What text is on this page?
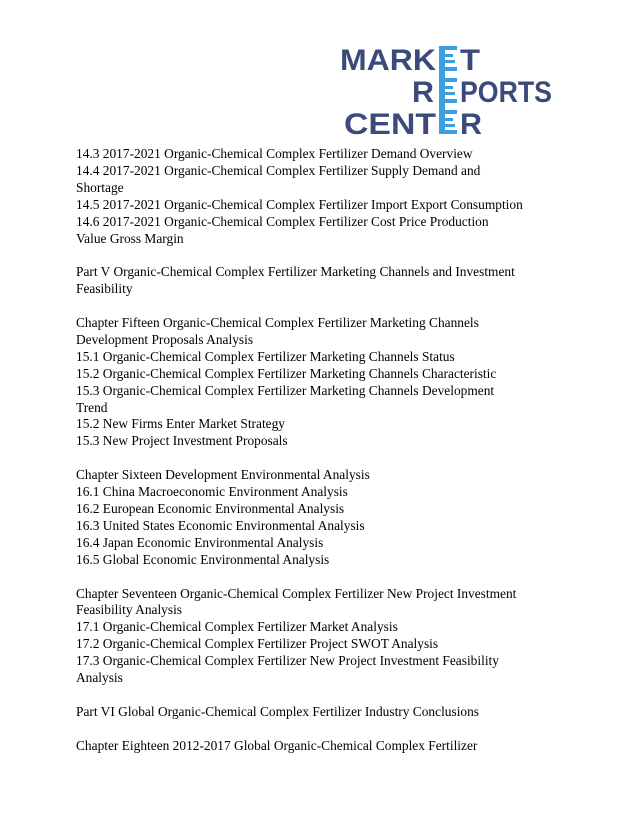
MARK T
R PORTS
CENT R
14.3 2017-2021 Organic-Chemical Complex Fertilizer Demand Overview
14.4 2017-2021 Organic-Chemical Complex Fertilizer Supply Demand and
Shortage
14.5 2017-2021 Organic-Chemical Complex Fertilizer Import Export Consumption
14.6 2017-2021 Organic-Chemical Complex Fertilizer Cost Price Production
Value Gross Margin
Part V Organic-Chemical Complex Fertilizer Marketing Channels and Investment
Feasibility
Chapter Fifteen Organic-Chemical Complex Fertilizer Marketing Channels
Development Proposals Analysis
15.1 Organic-Chemical Complex Fertilizer Marketing Channels Status
15.2 Organic-Chemical Complex Fertilizer Marketing Channels Characteristic
15.3 Organic-Chemical Complex Fertilizer Marketing Channels Development
Trend
15.2 New Firms Enter Market Strategy
15.3 New Project Investment Proposals
Chapter Sixteen Development Environmental Analysis
16.1 China Macroeconomic Environment Analysis
16.2 European Economic Environmental Analysis
16.3 United States Economic Environmental Analysis
16.4 Japan Economic Environmental Analysis
16.5 Global Economic Environmental Analysis
Chapter Seventeen Organic-Chemical Complex Fertilizer New Project Investment
Feasibility Analysis
17.1 Organic-Chemical Complex Fertilizer Market Analysis
17.2 Organic-Chemical Complex Fertilizer Project SWOT Analysis
17.3 Organic-Chemical Complex Fertilizer New Project Investment Feasibility
Analysis
Part VI Global Organic-Chemical Complex Fertilizer Industry Conclusions
Chapter Eighteen 2012-2017 Global Organic-Chemical Complex Fertilizer
